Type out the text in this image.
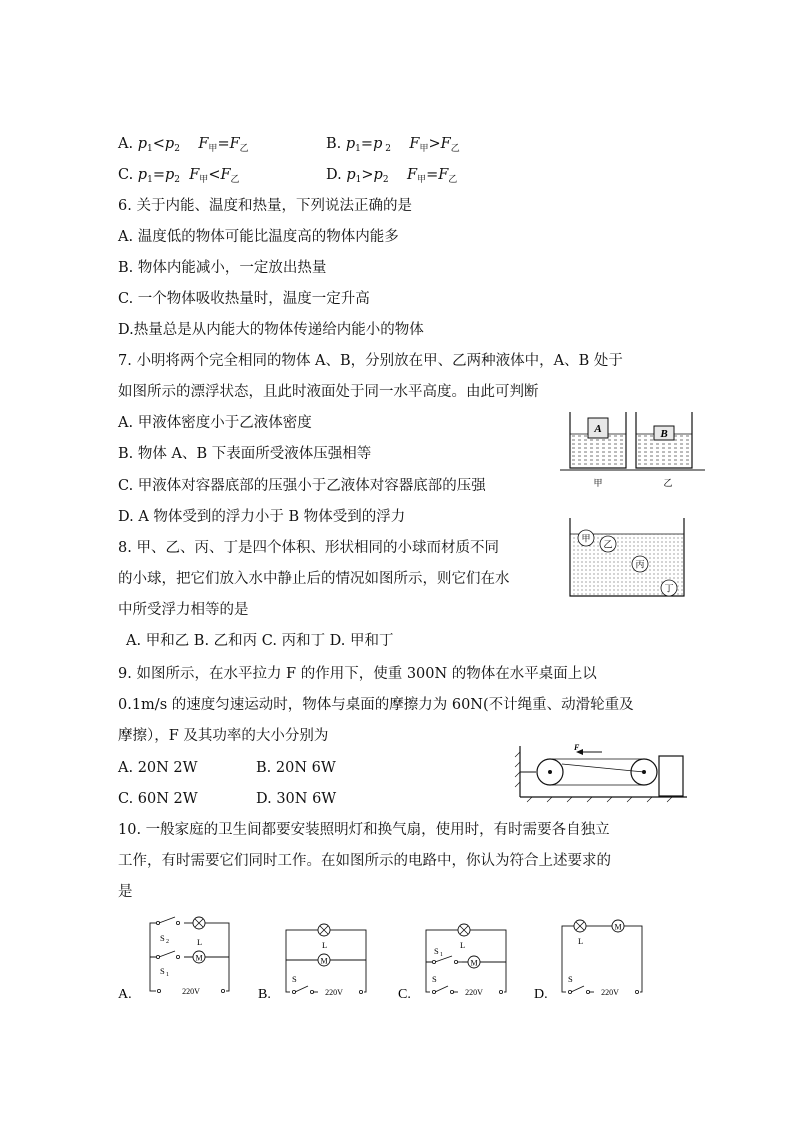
A. $p_1<p_2$ $F_甲=F_乙$	B. $p_1=p$ $_2$ $F_甲>F_乙$
C. $p_1=p_2$ $F_甲<F_乙$	D. $p_1>p_2$ $F_甲=F_乙$
6. 关于内能、温度和热量，下列说法正确的是
A. 温度低的物体可能比温度高的物体内能多
B. 物体内能减小，一定放出热量
C. 一个物体吸收热量时，温度一定升高
D.热量总是从内能大的物体传递给内能小的物体
7. 小明将两个完全相同的物体 A、B，分别放在甲、乙两种液体中，A、B 处于
如图所示的漂浮状态，且此时液面处于同一水平高度。由此可判断
A. 甲液体密度小于乙液体密度
B. 物体 A、B 下表面所受液体压强相等
C. 甲液体对容器底部的压强小于乙液体对容器底部的压强
D. A 物体受到的浮力小于 B 物体受到的浮力
A	B
甲	乙
8. 甲、乙、丙、丁是四个体积、形状相同的小球而材质不同
的小球，把它们放入水中静止后的情况如图所示，则它们在水
中所受浮力相等的是
A. 甲和乙 B. 乙和丙 C. 丙和丁 D. 甲和丁
甲
乙
丙
丁
9. 如图所示，在水平拉力 F 的作用下，使重 300N 的物体在水平桌面上以
0.1m/s 的速度匀速运动时，物体与桌面的摩擦力为 60N(不计绳重、动滑轮重及
摩擦），F 及其功率的大小分别为
A. 20N 2W	B. 20N 6W
C. 60N 2W	D. 30N 6W
F
10. 一般家庭的卫生间都要安装照明灯和换气扇，使用时，有时需要各自独立
工作，有时需要它们同时工作。在如图所示的电路中，你认为符合上述要求的
是
A.
S 2	L
S 1
M
220V	B.
L
M
S
220V	C.
L
S 1
M
S
220V	D.
L
M
S
220V
